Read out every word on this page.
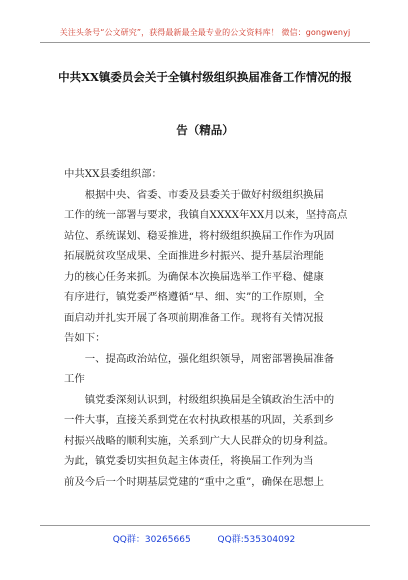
关注头条号“公文研究”，获得最新最全最专业的公文资料库！ 微信：gongwenyj
中共XX镇委员会关于全镇村级组织换届准备工作情况的报
告（精品）

中共XX县委组织部：

　　根据中央、省委、市委及县委关于做好村级组织换届

工作的统一部署与要求，我镇自XXXX年XX月以来，坚持高点

站位、系统谋划、稳妥推进，将村级组织换届工作作为巩固

拓展脱贫攻坚成果、全面推进乡村振兴、提升基层治理能

力的核心任务来抓。为确保本次换届选举工作平稳、健康

有序进行，镇党委严格遵循“早、细、实”的工作原则，全

面启动并扎实开展了各项前期准备工作。现将有关情况报

告如下：

　　一、提高政治站位，强化组织领导，周密部署换届准备

工作

　　镇党委深刻认识到，村级组织换届是全镇政治生活中的

一件大事，直接关系到党在农村执政根基的巩固，关系到乡

村振兴战略的顺利实施，关系到广大人民群众的切身利益。

为此，镇党委切实担负起主体责任，将换届工作列为当

前及今后一个时期基层党建的“重中之重”，确保在思想上

QQ群：30265665	QQ群:535304092
